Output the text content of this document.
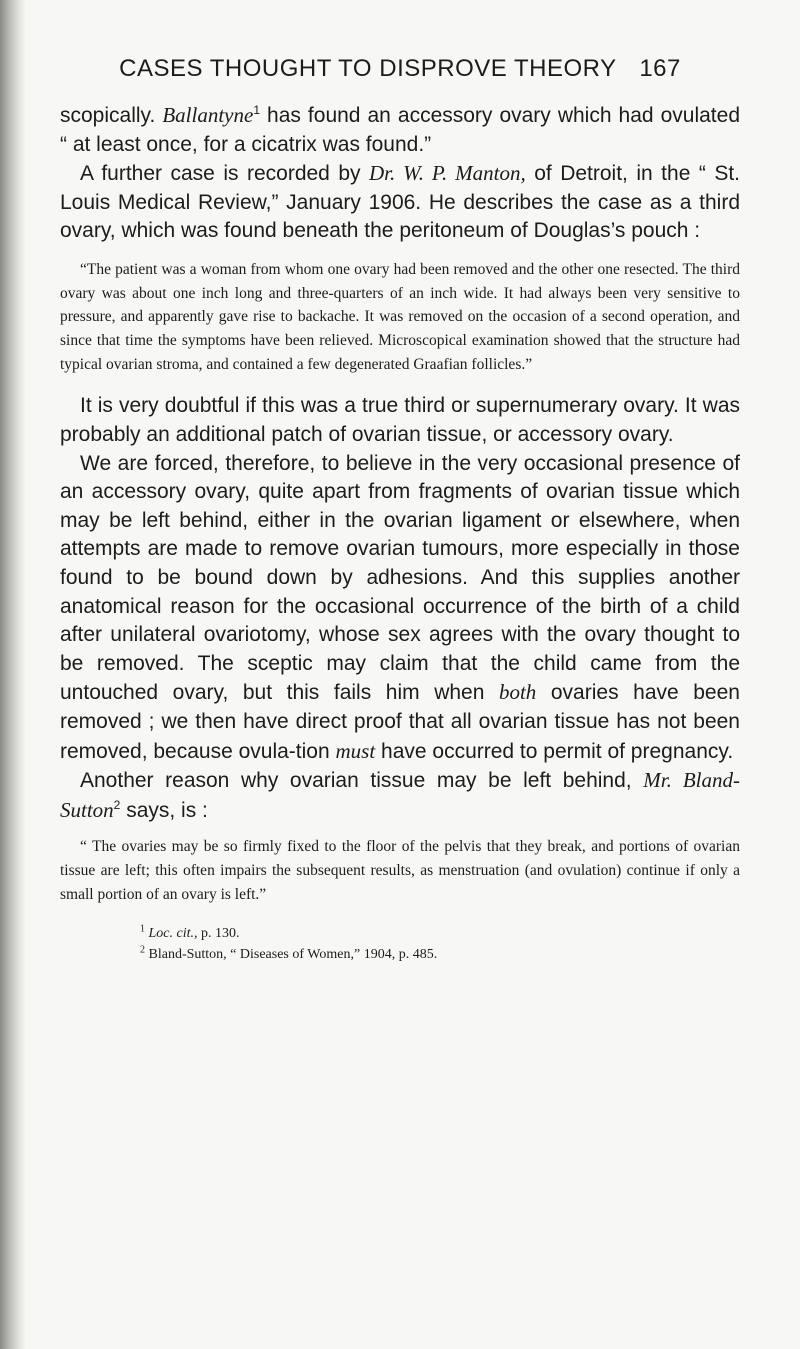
CASES THOUGHT TO DISPROVE THEORY 167

scopically. Ballantyne$^1$ has found an accessory ovary which had ovulated “ at least once, for a cicatrix was found.”

A further case is recorded by Dr. W. P. Manton, of Detroit, in the “ St. Louis Medical Review,” January 1906. He describes the case as a third ovary, which was found beneath the peritoneum of Douglas’s pouch :

“The patient was a woman from whom one ovary had been removed and the other one resected. The third ovary was about one inch long and three-quarters of an inch wide. It had always been very sensitive to pressure, and apparently gave rise to backache. It was removed on the occasion of a second operation, and since that time the symptoms have been relieved. Microscopical examination showed that the structure had typical ovarian stroma, and contained a few degenerated Graafian follicles.”

It is very doubtful if this was a true third or supernumerary ovary. It was probably an additional patch of ovarian tissue, or accessory ovary.

We are forced, therefore, to believe in the very occasional presence of an accessory ovary, quite apart from fragments of ovarian tissue which may be left behind, either in the ovarian ligament or elsewhere, when attempts are made to remove ovarian tumours, more especially in those found to be bound down by adhesions. And this supplies another anatomical reason for the occasional occurrence of the birth of a child after unilateral ovariotomy, whose sex agrees with the ovary thought to be removed. The sceptic may claim that the child came from the untouched ovary, but this fails him when both ovaries have been removed ; we then have direct proof that all ovarian tissue has not been removed, because ovula-tion must have occurred to permit of pregnancy.

Another reason why ovarian tissue may be left behind, Mr. Bland-Sutton$^2$ says, is :

“ The ovaries may be so firmly fixed to the floor of the pelvis that they break, and portions of ovarian tissue are left; this often impairs the subsequent results, as menstruation (and ovulation) continue if only a small portion of an ovary is left.”

$^1$ Loc. cit., p. 130.
$^2$ Bland-Sutton, “ Diseases of Women,” 1904, p. 485.
